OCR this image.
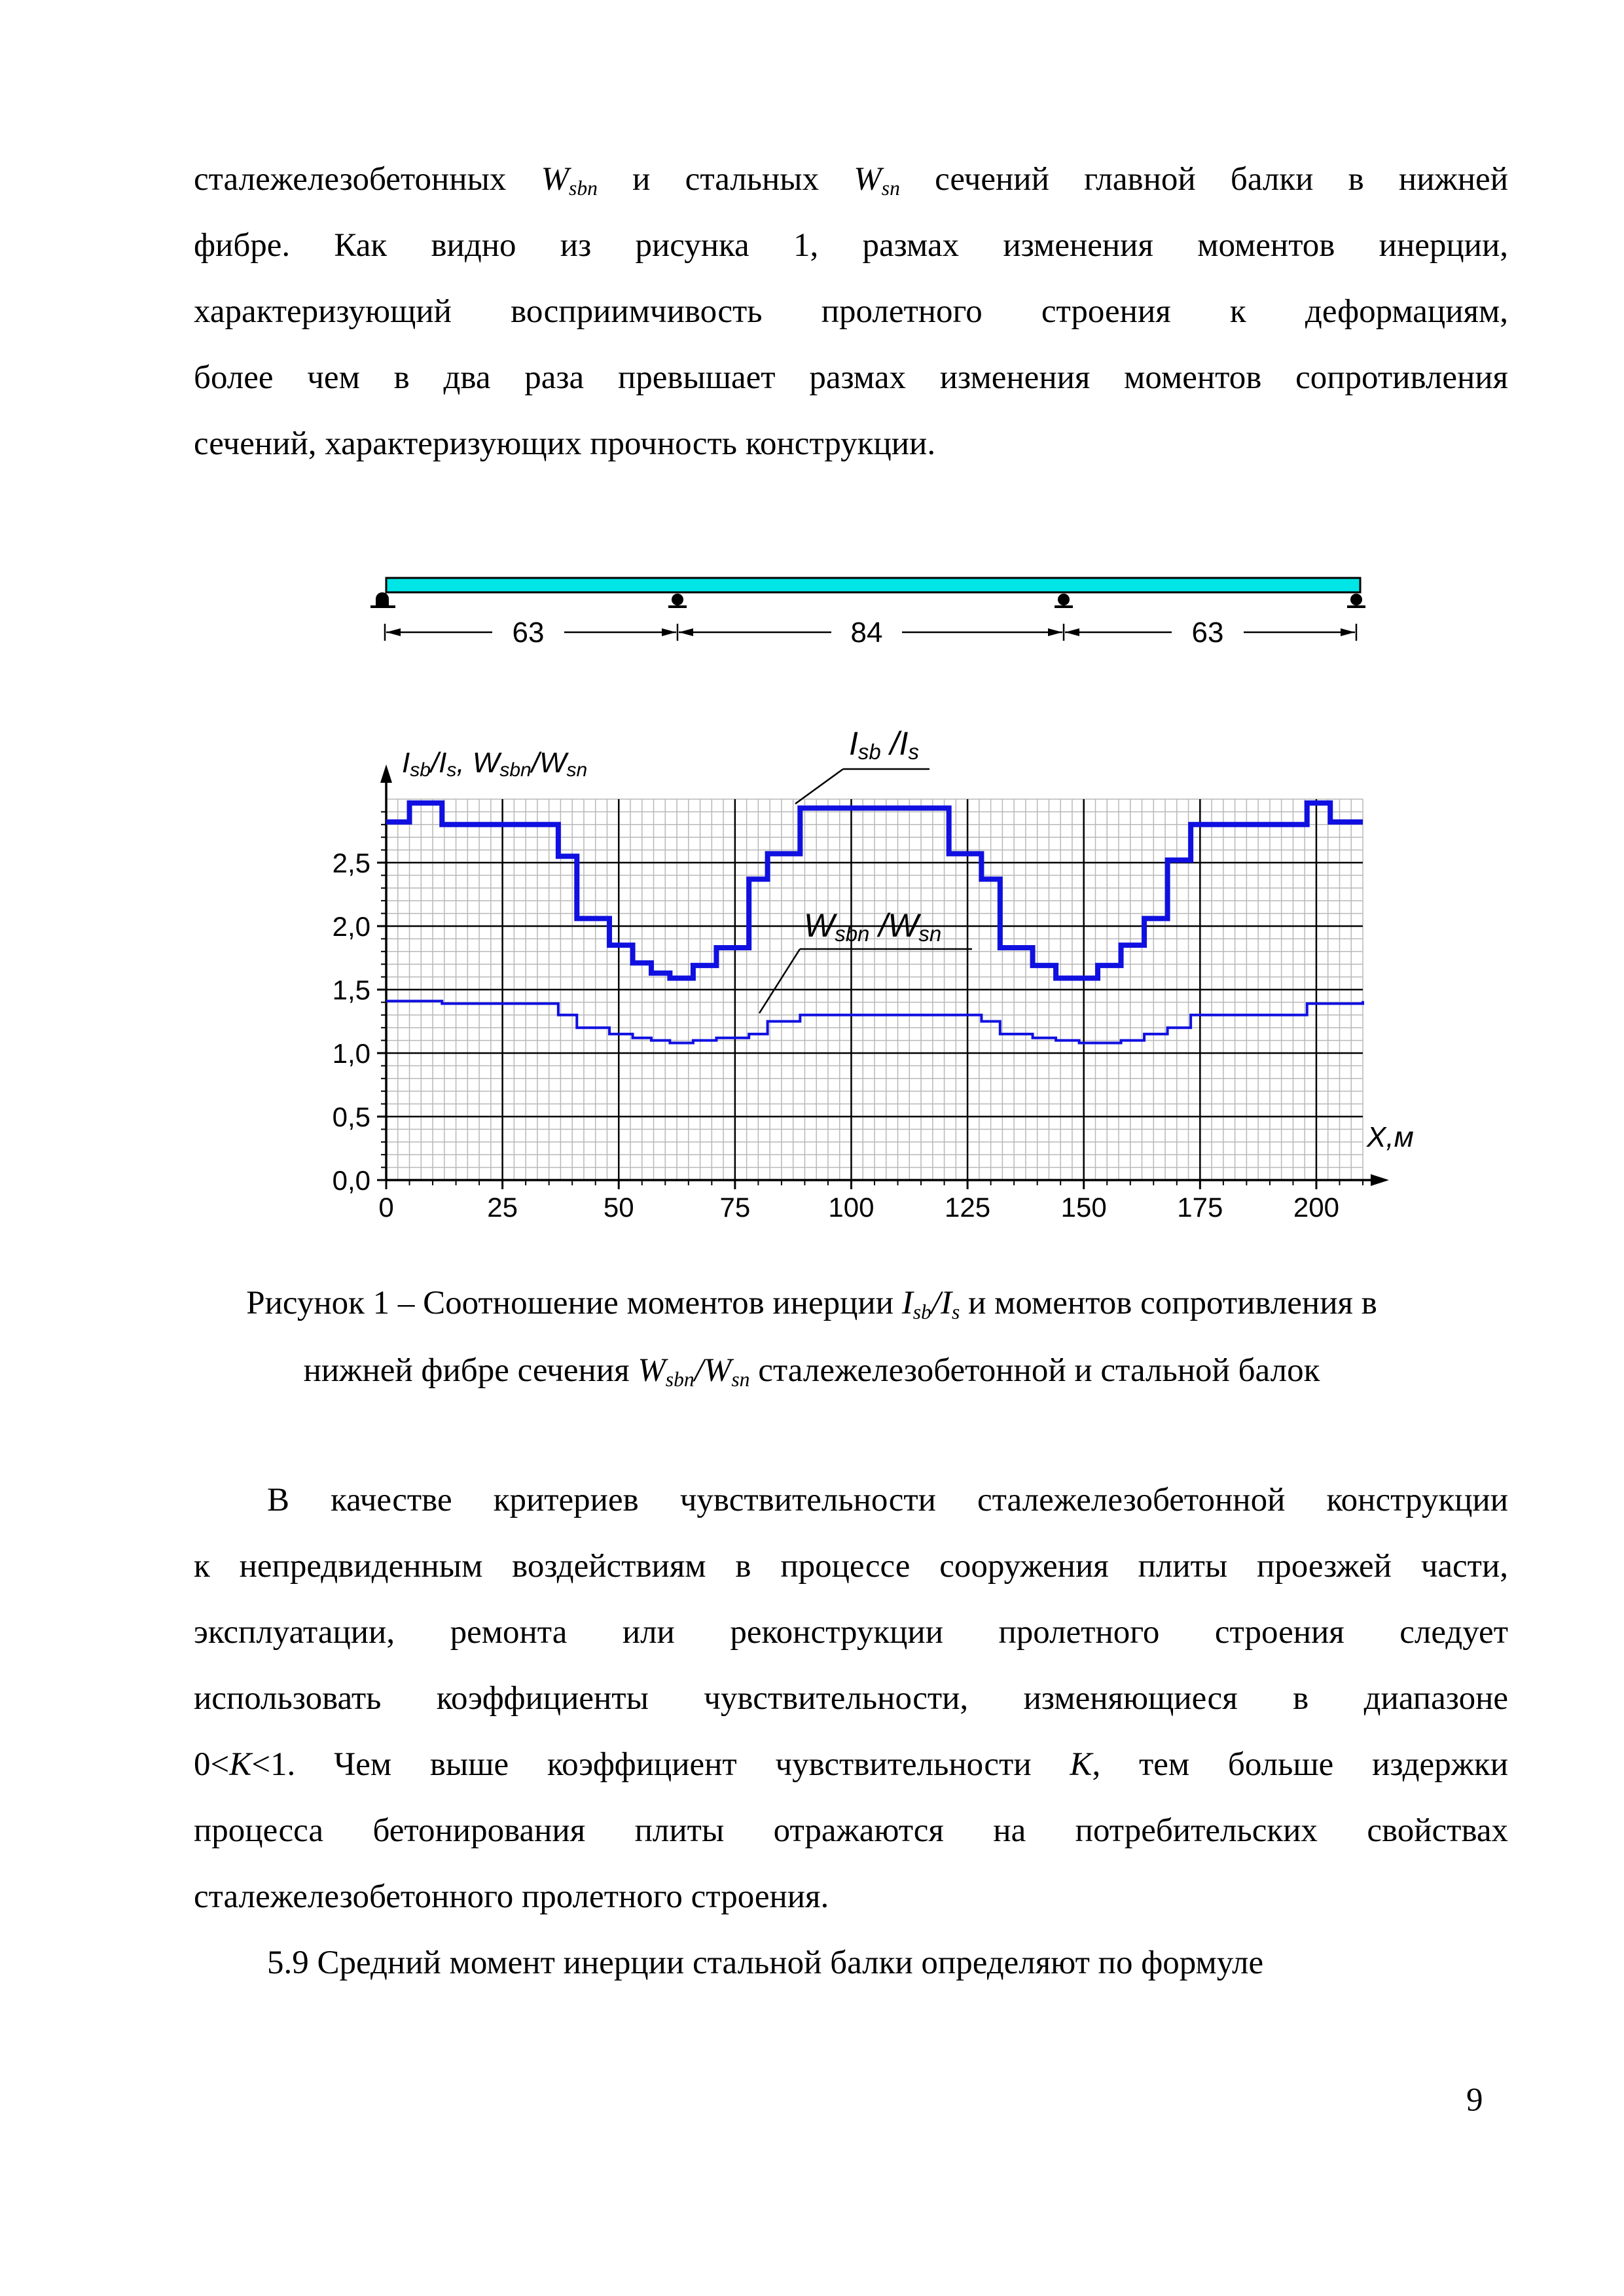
сталежелезобетонных $W_{sbn}$ и стальных $W_{sn}$ сечений главной балки в нижней
фибре. Как видно из рисунка 1, размах изменения моментов инерции,
характеризующий восприимчивость пролетного строения к деформациям,
более чем в два раза превышает размах изменения моментов сопротивления
сечений, характеризующих прочность конструкции.
63	84	63
0	25	50	75	100	125	150	175	200
0,0
0,5
1,0
1,5
2,0
2,5
Isb/Is, Wsbn/Wsn
X,м
Isb /Is
Wsbn /Wsn
Рисунок 1 – Соотношение моментов инерции $I_{sb}/I_s$ и моментов сопротивления в
нижней фибре сечения $W_{sbn}/W_{sn}$ сталежелезобетонной и стальной балок
В качестве критериев чувствительности сталежелезобетонной конструкции
к непредвиденным воздействиям в процессе сооружения плиты проезжей части,
эксплуатации, ремонта или реконструкции пролетного строения следует
использовать коэффициенты чувствительности, изменяющиеся в диапазоне
0<K<1. Чем выше коэффициент чувствительности K, тем больше издержки
процесса бетонирования плиты отражаются на потребительских свойствах
сталежелезобетонного пролетного строения.
5.9 Средний момент инерции стальной балки определяют по формуле
9
